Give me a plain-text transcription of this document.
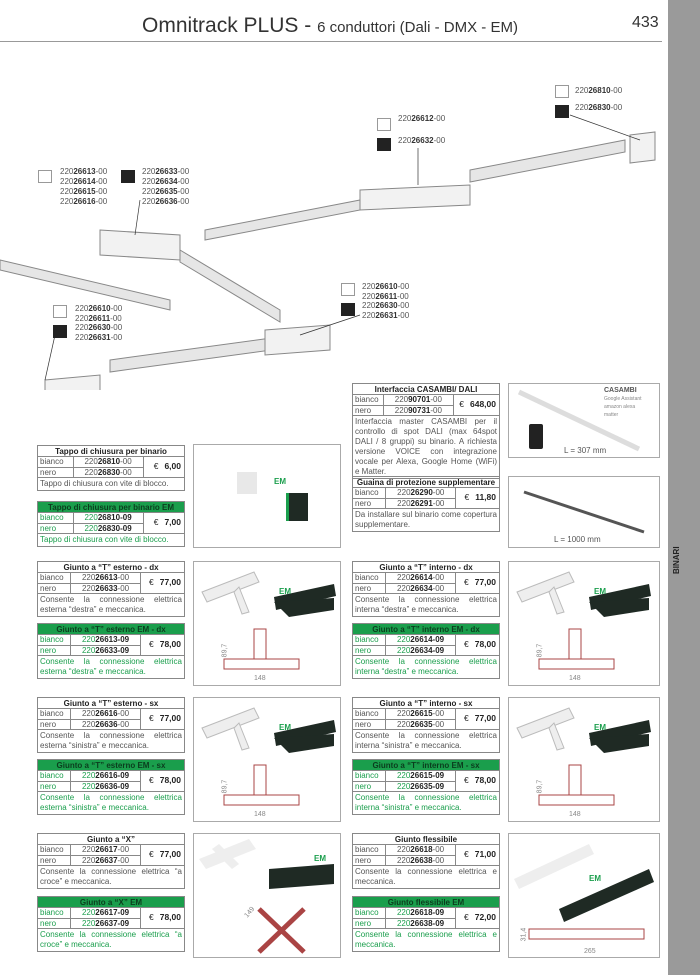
Omnitrack PLUS - 6 conduttori (Dali - DMX - EM)	433
BINARI
22026810-00
22026830-00
22026612-00
22026632-00
22026613-00
22026614-00
22026615-00
22026616-00
22026633-00
22026634-00
22026635-00
22026636-00
22026610-00
22026611-00
22026630-00
22026631-00
22026610-00
22026611-00
22026630-00
22026631-00
CASAMBI
Google Assistant
amazon alexa
matter
L = 307 mm
L = 1000 mm
EM
Interfaccia CASAMBI/ DALI
bianco	22090701-00	€ 648,00
nero	22090731-00	
Interfaccia master CASAMBI per il controllo di spot DALI (max 64spot DALI / 8 gruppi) su binario. A richiesta versione VOICE con integrazione vocale per Alexa, Google Home (WiFi) e Matter.
Guaina di protezione supplementare
bianco	22026290-00	€ 11,80
nero	22026291-00	
Da installare sul binario come copertura supplementare.
Tappo di chiusura per binario
bianco	22026810-00	€ 6,00
nero	22026830-00	
Tappo di chiusura con vite di blocco.
Tappo di chiusura per binario EM
bianco	22026810-09	€ 7,00
nero	22026830-09	
Tappo di chiusura con vite di blocco.
Giunto a “T” esterno - dx
bianco	22026613-00	€ 77,00
nero	22026633-00	
Consente la connessione elettrica esterna “destra” e meccanica.
Giunto a “T” esterno EM - dx
bianco	22026613-09	€ 78,00
nero	22026633-09	
Consente la connessione elettrica esterna “destra” e meccanica.
Giunto a “T” interno - dx
bianco	22026614-00	€ 77,00
nero	22026634-00	
Consente la connessione elettrica interna “destra” e meccanica.
Giunto a “T” interno EM - dx
bianco	22026614-09	€ 78,00
nero	22026634-09	
Consente la connessione elettrica interna “destra” e meccanica.
Giunto a “T” esterno - sx
bianco	22026616-00	€ 77,00
nero	22026636-00	
Consente la connessione elettrica esterna “sinistra” e meccanica.
Giunto a “T” esterno EM - sx
bianco	22026616-09	€ 78,00
nero	22026636-09	
Consente la connessione elettrica esterna “sinistra” e meccanica.
Giunto a “T” interno - sx
bianco	22026615-00	€ 77,00
nero	22026635-00	
Consente la connessione elettrica interna “sinistra” e meccanica.
Giunto a “T” interno EM - sx
bianco	22026615-09	€ 78,00
nero	22026635-09	
Consente la connessione elettrica interna “sinistra” e meccanica.
Giunto a “X”
bianco	22026617-00	€ 77,00
nero	22026637-00	
Consente la connessione elettrica “a croce” e meccanica.
Giunto a “X” EM
bianco	22026617-09	€ 78,00
nero	22026637-09	
Consente la connessione elettrica “a croce” e meccanica.
Giunto flessibile
bianco	22026618-00	€ 71,00
nero	22026638-00	
Consente la connessione elettrica e meccanica.
Giunto flessibile EM
bianco	22026618-09	€ 72,00
nero	22026638-09	
Consente la connessione elettrica e meccanica.
EM
89,7
148
EM
89,7
148
EM
89,7
148
EM
89,7
148
EM
149
EM
31,4
265
